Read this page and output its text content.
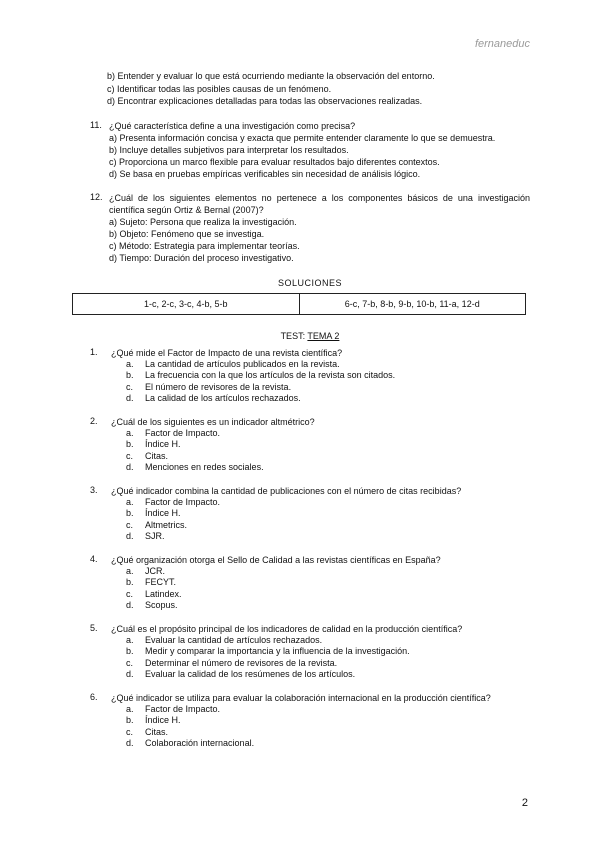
fernaneduc
b) Entender y evaluar lo que está ocurriendo mediante la observación del entorno.
c) Identificar todas las posibles causas de un fenómeno.
d) Encontrar explicaciones detalladas para todas las observaciones realizadas.
11. ¿Qué característica define a una investigación como precisa?
a) Presenta información concisa y exacta que permite entender claramente lo que se demuestra.
b) Incluye detalles subjetivos para interpretar los resultados.
c) Proporciona un marco flexible para evaluar resultados bajo diferentes contextos.
d) Se basa en pruebas empíricas verificables sin necesidad de análisis lógico.
12. ¿Cuál de los siguientes elementos no pertenece a los componentes básicos de una investigación científica según Ortiz & Bernal (2007)?
a) Sujeto: Persona que realiza la investigación.
b) Objeto: Fenómeno que se investiga.
c) Método: Estrategia para implementar teorías.
d) Tiempo: Duración del proceso investigativo.
SOLUCIONES
1-c, 2-c, 3-c, 4-b, 5-b	6-c, 7-b, 8-b, 9-b, 10-b, 11-a, 12-d
TEST: TEMA 2
1. ¿Qué mide el Factor de Impacto de una revista científica?
a. La cantidad de artículos publicados en la revista.
b. La frecuencia con la que los artículos de la revista son citados.
c. El número de revisores de la revista.
d. La calidad de los artículos rechazados.
2. ¿Cuál de los siguientes es un indicador altmétrico?
a. Factor de Impacto.
b. Índice H.
c. Citas.
d. Menciones en redes sociales.
3. ¿Qué indicador combina la cantidad de publicaciones con el número de citas recibidas?
a. Factor de Impacto.
b. Índice H.
c. Altmetrics.
d. SJR.
4. ¿Qué organización otorga el Sello de Calidad a las revistas científicas en España?
a. JCR.
b. FECYT.
c. Latindex.
d. Scopus.
5. ¿Cuál es el propósito principal de los indicadores de calidad en la producción científica?
a. Evaluar la cantidad de artículos rechazados.
b. Medir y comparar la importancia y la influencia de la investigación.
c. Determinar el número de revisores de la revista.
d. Evaluar la calidad de los resúmenes de los artículos.
6. ¿Qué indicador se utiliza para evaluar la colaboración internacional en la producción científica?
a. Factor de Impacto.
b. Índice H.
c. Citas.
d. Colaboración internacional.
2
